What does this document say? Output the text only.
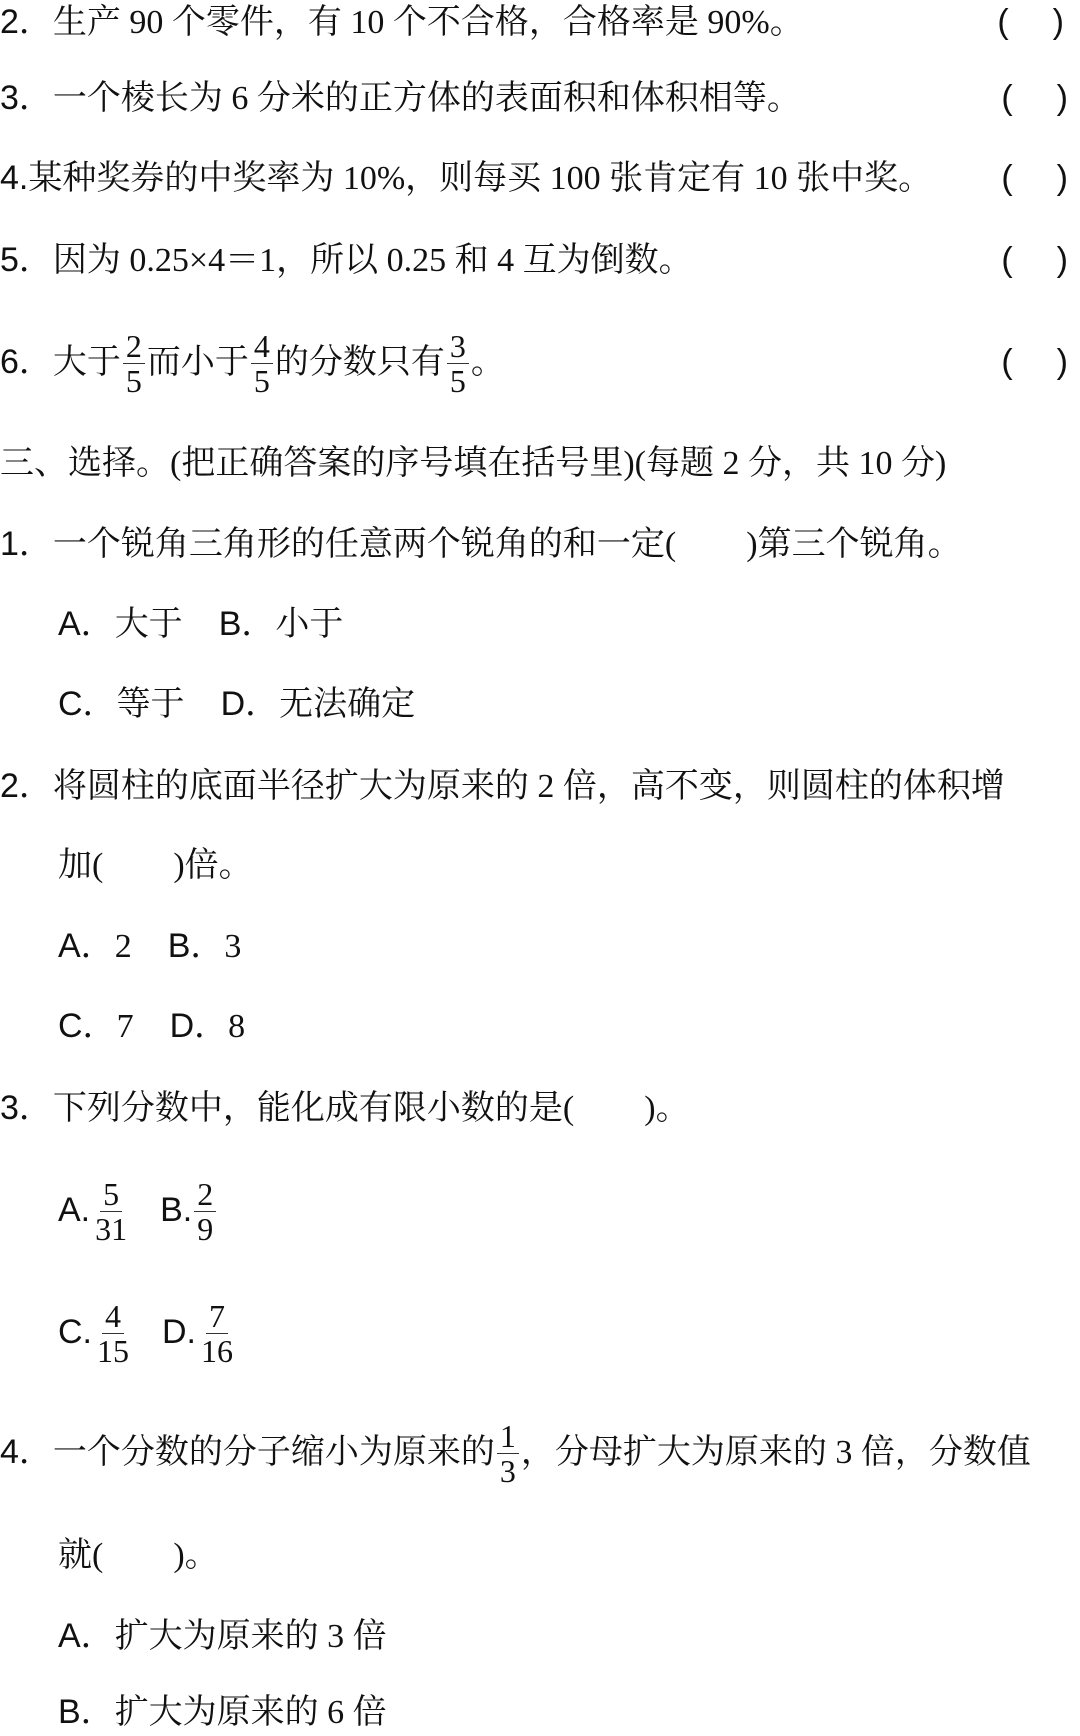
2．生产 90 个零件，有 10 个不合格，合格率是 90%。	( )
3．一个棱长为 6 分米的正方体的表面积和体积相等。	( )
4.某种奖券的中奖率为 10%，则每买 100 张肯定有 10 张中奖。 ( )
5．因为 0.25×4＝1，所以 0.25 和 4 互为倒数。	( )
6．大于 $\frac{2}{5}$ 而小于 $\frac{4}{5}$ 的分数只有 $\frac{3}{5}$ 。	( )
三、选择。(把正确答案的序号填在括号里)(每题 2 分，共 10 分)
1．一个锐角三角形的任意两个锐角的和一定( )第三个锐角。
A．大于 B．小于
C．等于 D．无法确定
2．将圆柱的底面半径扩大为原来的 2 倍，高不变，则圆柱的体积增
加( )倍。
A．2 B．3
C．7 D．8
3．下列分数中，能化成有限小数的是( )。
A. $\frac{5}{31} B$. $\frac{2}{9}$
C. $\frac{4}{15} D$. $\frac{7}{16}$
4．一个分数的分子缩小为原来的 $\frac{1}{3}$ ，分母扩大为原来的 3 倍，分数值
就( )。
A．扩大为原来的 3 倍
B．扩大为原来的 6 倍
